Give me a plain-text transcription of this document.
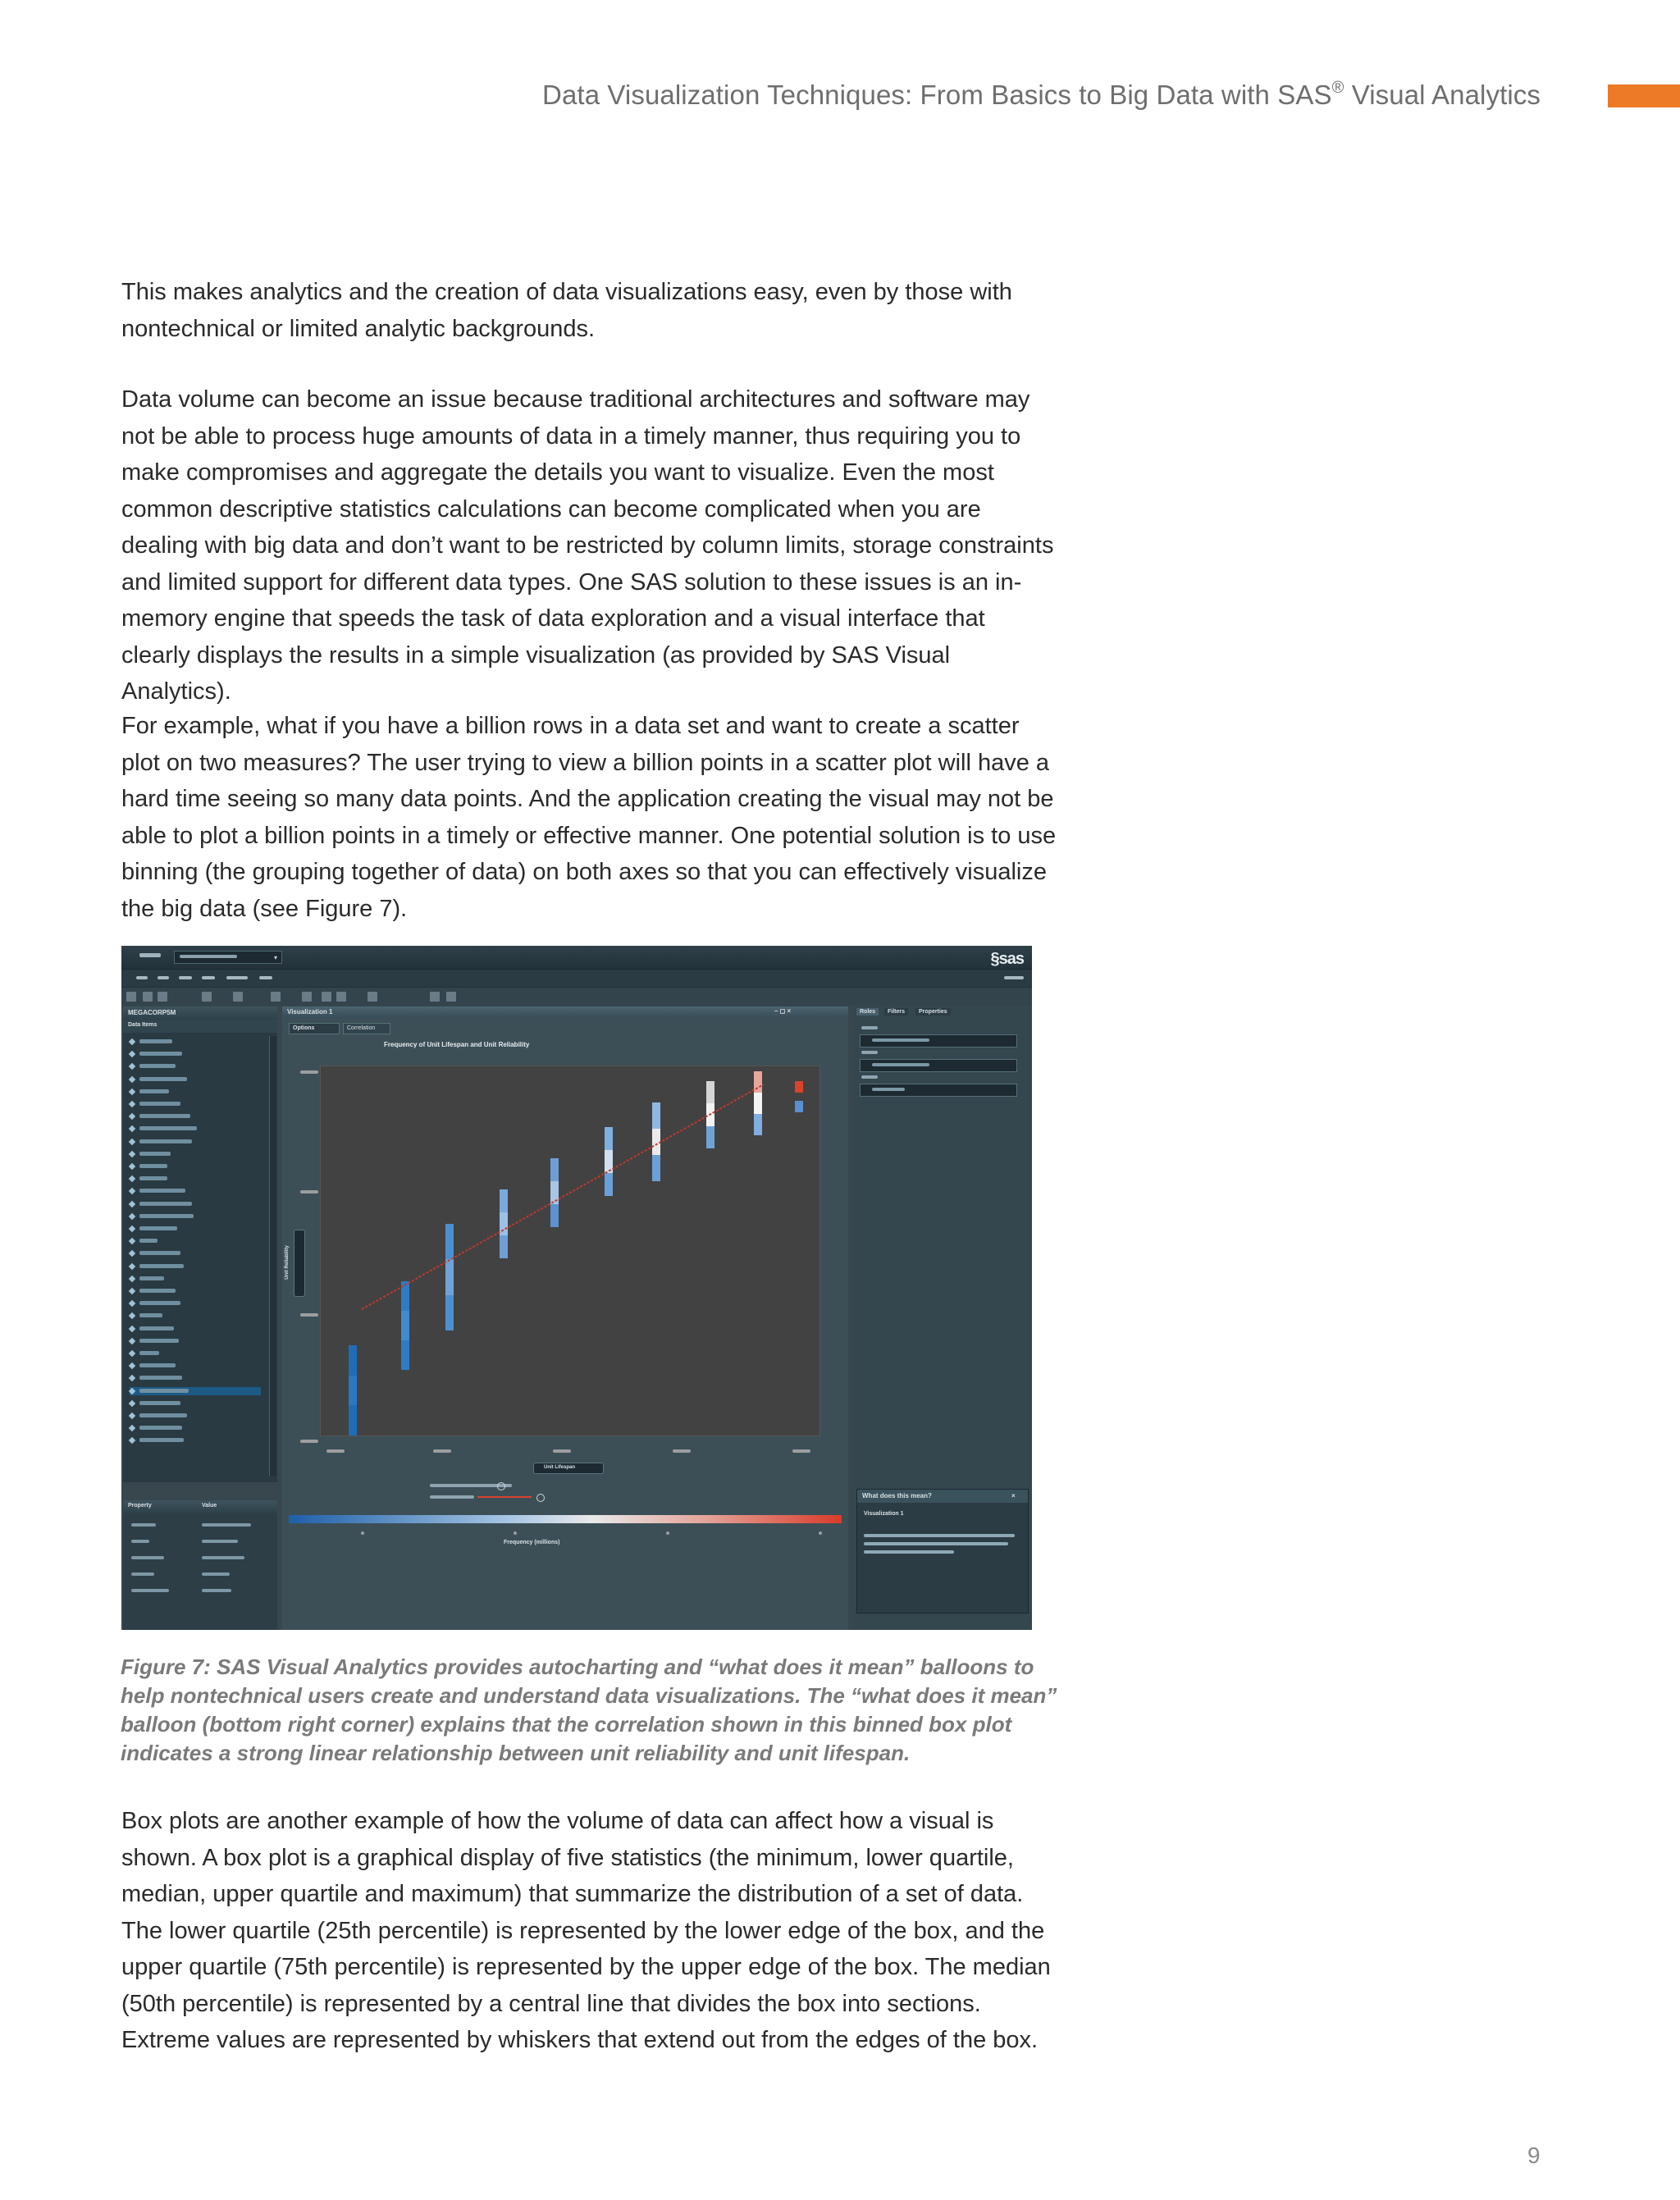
Data Visualization Techniques: From Basics to Big Data with SAS® Visual Analytics

This makes analytics and the creation of data visualizations easy, even by those with nontechnical or limited analytic backgrounds.

Data volume can become an issue because traditional architectures and software may not be able to process huge amounts of data in a timely manner, thus requiring you to make compromises and aggregate the details you want to visualize. Even the most common descriptive statistics calculations can become complicated when you are dealing with big data and don’t want to be restricted by column limits, storage constraints and limited support for different data types. One SAS solution to these issues is an in-memory engine that speeds the task of data exploration and a visual interface that clearly displays the results in a simple visualization (as provided by SAS Visual Analytics).

For example, what if you have a billion rows in a data set and want to create a scatter plot on two measures? The user trying to view a billion points in a scatter plot will have a hard time seeing so many data points. And the application creating the visual may not be able to plot a billion points in a timely or effective manner. One potential solution is to use binning (the grouping together of data) on both axes so that you can effectively visualize the big data (see Figure 7).

▾	§sas
MEGACORP5M
Data Items
Property	Value
Visualization 1	– ◻ ×
Options	Correlation
Frequency of Unit Lifespan and Unit Reliability
Unit Reliability
Unit Lifespan
Frequency (millions)
Roles	Filters	Properties
What does this mean?	×
Visualization 1

Figure 7: SAS Visual Analytics provides autocharting and “what does it mean” balloons to help nontechnical users create and understand data visualizations. The “what does it mean” balloon (bottom right corner) explains that the correlation shown in this binned box plot indicates a strong linear relationship between unit reliability and unit lifespan.

Box plots are another example of how the volume of data can affect how a visual is shown. A box plot is a graphical display of five statistics (the minimum, lower quartile, median, upper quartile and maximum) that summarize the distribution of a set of data. The lower quartile (25th percentile) is represented by the lower edge of the box, and the upper quartile (75th percentile) is represented by the upper edge of the box. The median (50th percentile) is represented by a central line that divides the box into sections. Extreme values are represented by whiskers that extend out from the edges of the box.

9
